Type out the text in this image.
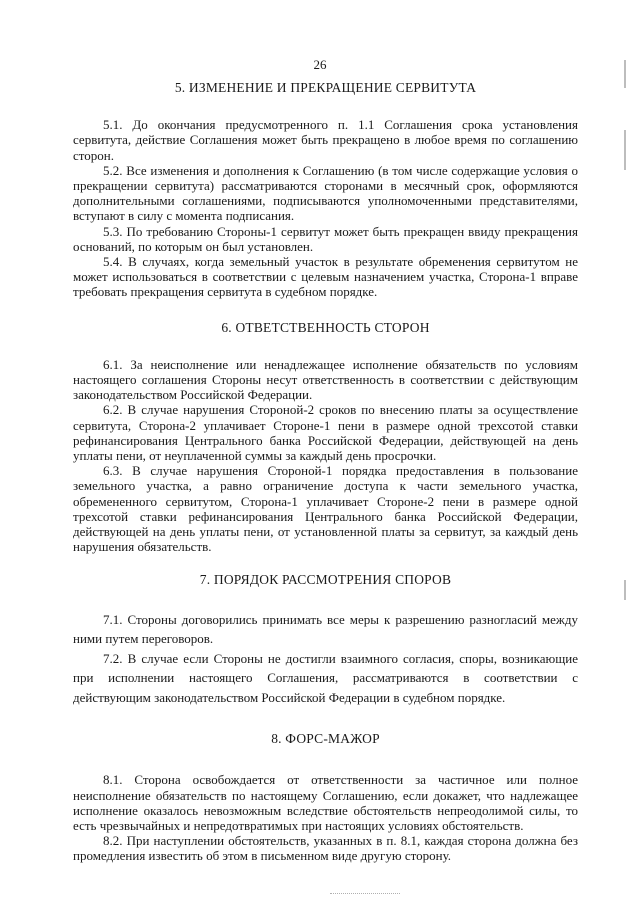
26
5. ИЗМЕНЕНИЕ И ПРЕКРАЩЕНИЕ СЕРВИТУТА

5.1. До окончания предусмотренного п. 1.1 Соглашения срока установления сервитута, действие Соглашения может быть прекращено в любое время по соглашению сторон.

5.2. Все изменения и дополнения к Соглашению (в том числе содержащие условия о прекращении сервитута) рассматриваются сторонами в месячный срок, оформляются дополнительными соглашениями, подписываются уполномоченными представителями, вступают в силу с момента подписания.

5.3. По требованию Стороны-1 сервитут может быть прекращен ввиду прекращения оснований, по которым он был установлен.

5.4. В случаях, когда земельный участок в результате обременения сервитутом не может использоваться в соответствии с целевым назначением участка, Сторона-1 вправе требовать прекращения сервитута в судебном порядке.

6. ОТВЕТСТВЕННОСТЬ СТОРОН

6.1. За неисполнение или ненадлежащее исполнение обязательств по условиям настоящего соглашения Стороны несут ответственность в соответствии с действующим законодательством Российской Федерации.

6.2. В случае нарушения Стороной-2 сроков по внесению платы за осуществление сервитута, Сторона-2 уплачивает Стороне-1 пени в размере одной трехсотой ставки рефинансирования Центрального банка Российской Федерации, действующей на день уплаты пени, от неуплаченной суммы за каждый день просрочки.

6.3. В случае нарушения Стороной-1 порядка предоставления в пользование земельного участка, а равно ограничение доступа к части земельного участка, обремененного сервитутом, Сторона-1 уплачивает Стороне-2 пени в размере одной трехсотой ставки рефинансирования Центрального банка Российской Федерации, действующей на день уплаты пени, от установленной платы за сервитут, за каждый день нарушения обязательств.

7. ПОРЯДОК РАССМОТРЕНИЯ СПОРОВ

7.1. Стороны договорились принимать все меры к разрешению разногласий между ними путем переговоров.

7.2. В случае если Стороны не достигли взаимного согласия, споры, возникающие при исполнении настоящего Соглашения, рассматриваются в соответствии с действующим законодательством Российской Федерации в судебном порядке.

8. ФОРС-МАЖОР

8.1. Сторона освобождается от ответственности за частичное или полное неисполнение обязательств по настоящему Соглашению, если докажет, что надлежащее исполнение оказалось невозможным вследствие обстоятельств непреодолимой силы, то есть чрезвычайных и непредотвратимых при настоящих условиях обстоятельств.

8.2. При наступлении обстоятельств, указанных в п. 8.1, каждая сторона должна без промедления известить об этом в письменном виде другую сторону.
